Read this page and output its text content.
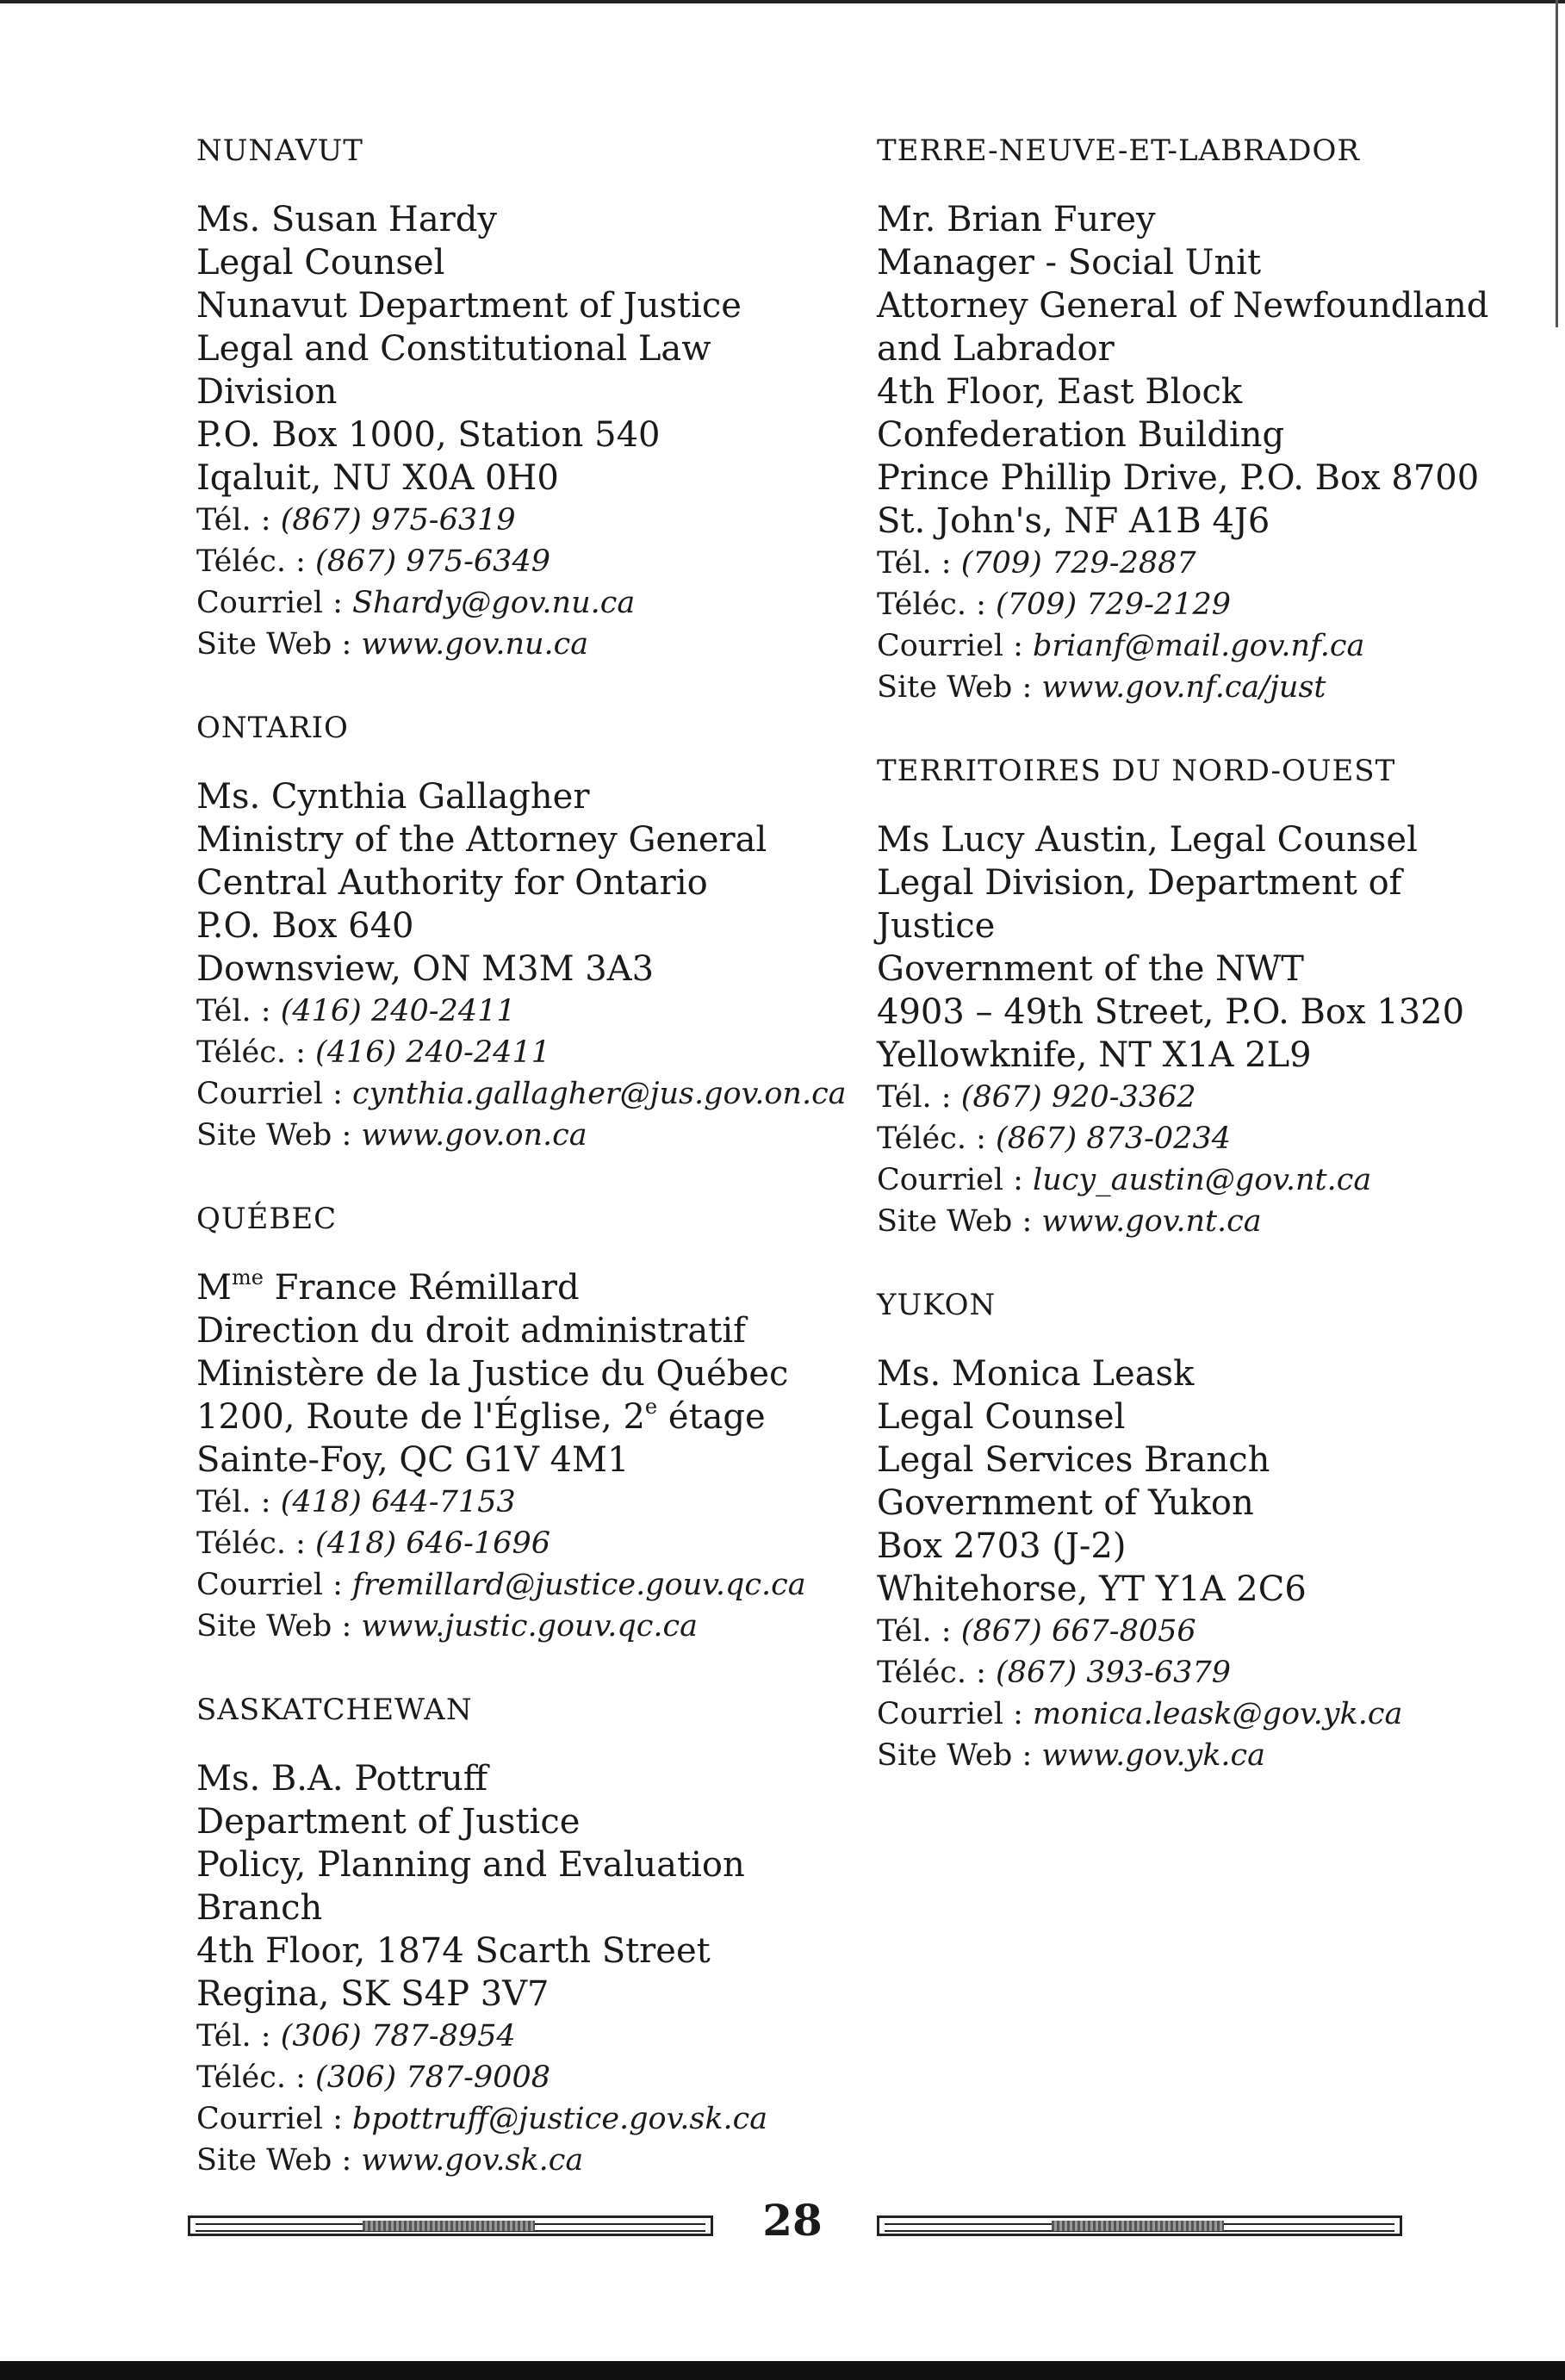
NUNAVUT
Ms. Susan Hardy
Legal Counsel
Nunavut Department of Justice
Legal and Constitutional Law
Division
P.O. Box 1000, Station 540
Iqaluit, NU X0A 0H0
Tél. : (867) 975-6319
Téléc. : (867) 975-6349
Courriel : Shardy@gov.nu.ca
Site Web : www.gov.nu.ca
ONTARIO
Ms. Cynthia Gallagher
Ministry of the Attorney General
Central Authority for Ontario
P.O. Box 640
Downsview, ON M3M 3A3
Tél. : (416) 240-2411
Téléc. : (416) 240-2411
Courriel : cynthia.gallagher@jus.gov.on.ca
Site Web : www.gov.on.ca
QUÉBEC
$M^{me}$ France Rémillard
Direction du droit administratif
Ministère de la Justice du Québec
1200, Route de l'Église, 2e étage
Sainte-Foy, QC G1V 4M1
Tél. : (418) 644-7153
Téléc. : (418) 646-1696
Courriel : fremillard@justice.gouv.qc.ca
Site Web : www.justic.gouv.qc.ca
SASKATCHEWAN
Ms. B.A. Pottruff
Department of Justice
Policy, Planning and Evaluation
Branch
4th Floor, 1874 Scarth Street
Regina, SK S4P 3V7
Tél. : (306) 787-8954
Téléc. : (306) 787-9008
Courriel : bpottruff@justice.gov.sk.ca
Site Web : www.gov.sk.ca
TERRE-NEUVE-ET-LABRADOR
Mr. Brian Furey
Manager - Social Unit
Attorney General of Newfoundland
and Labrador
4th Floor, East Block
Confederation Building
Prince Phillip Drive, P.O. Box 8700
St. John's, NF A1B 4J6
Tél. : (709) 729-2887
Téléc. : (709) 729-2129
Courriel : brianf@mail.gov.nf.ca
Site Web : www.gov.nf.ca/just
TERRITOIRES DU NORD-OUEST
Ms Lucy Austin, Legal Counsel
Legal Division, Department of
Justice
Government of the NWT
4903 – 49th Street, P.O. Box 1320
Yellowknife, NT X1A 2L9
Tél. : (867) 920-3362
Téléc. : (867) 873-0234
Courriel : lucy_austin@gov.nt.ca
Site Web : www.gov.nt.ca
YUKON
Ms. Monica Leask
Legal Counsel
Legal Services Branch
Government of Yukon
Box 2703 (J-2)
Whitehorse, YT Y1A 2C6
Tél. : (867) 667-8056
Téléc. : (867) 393-6379
Courriel : monica.leask@gov.yk.ca
Site Web : www.gov.yk.ca
28
